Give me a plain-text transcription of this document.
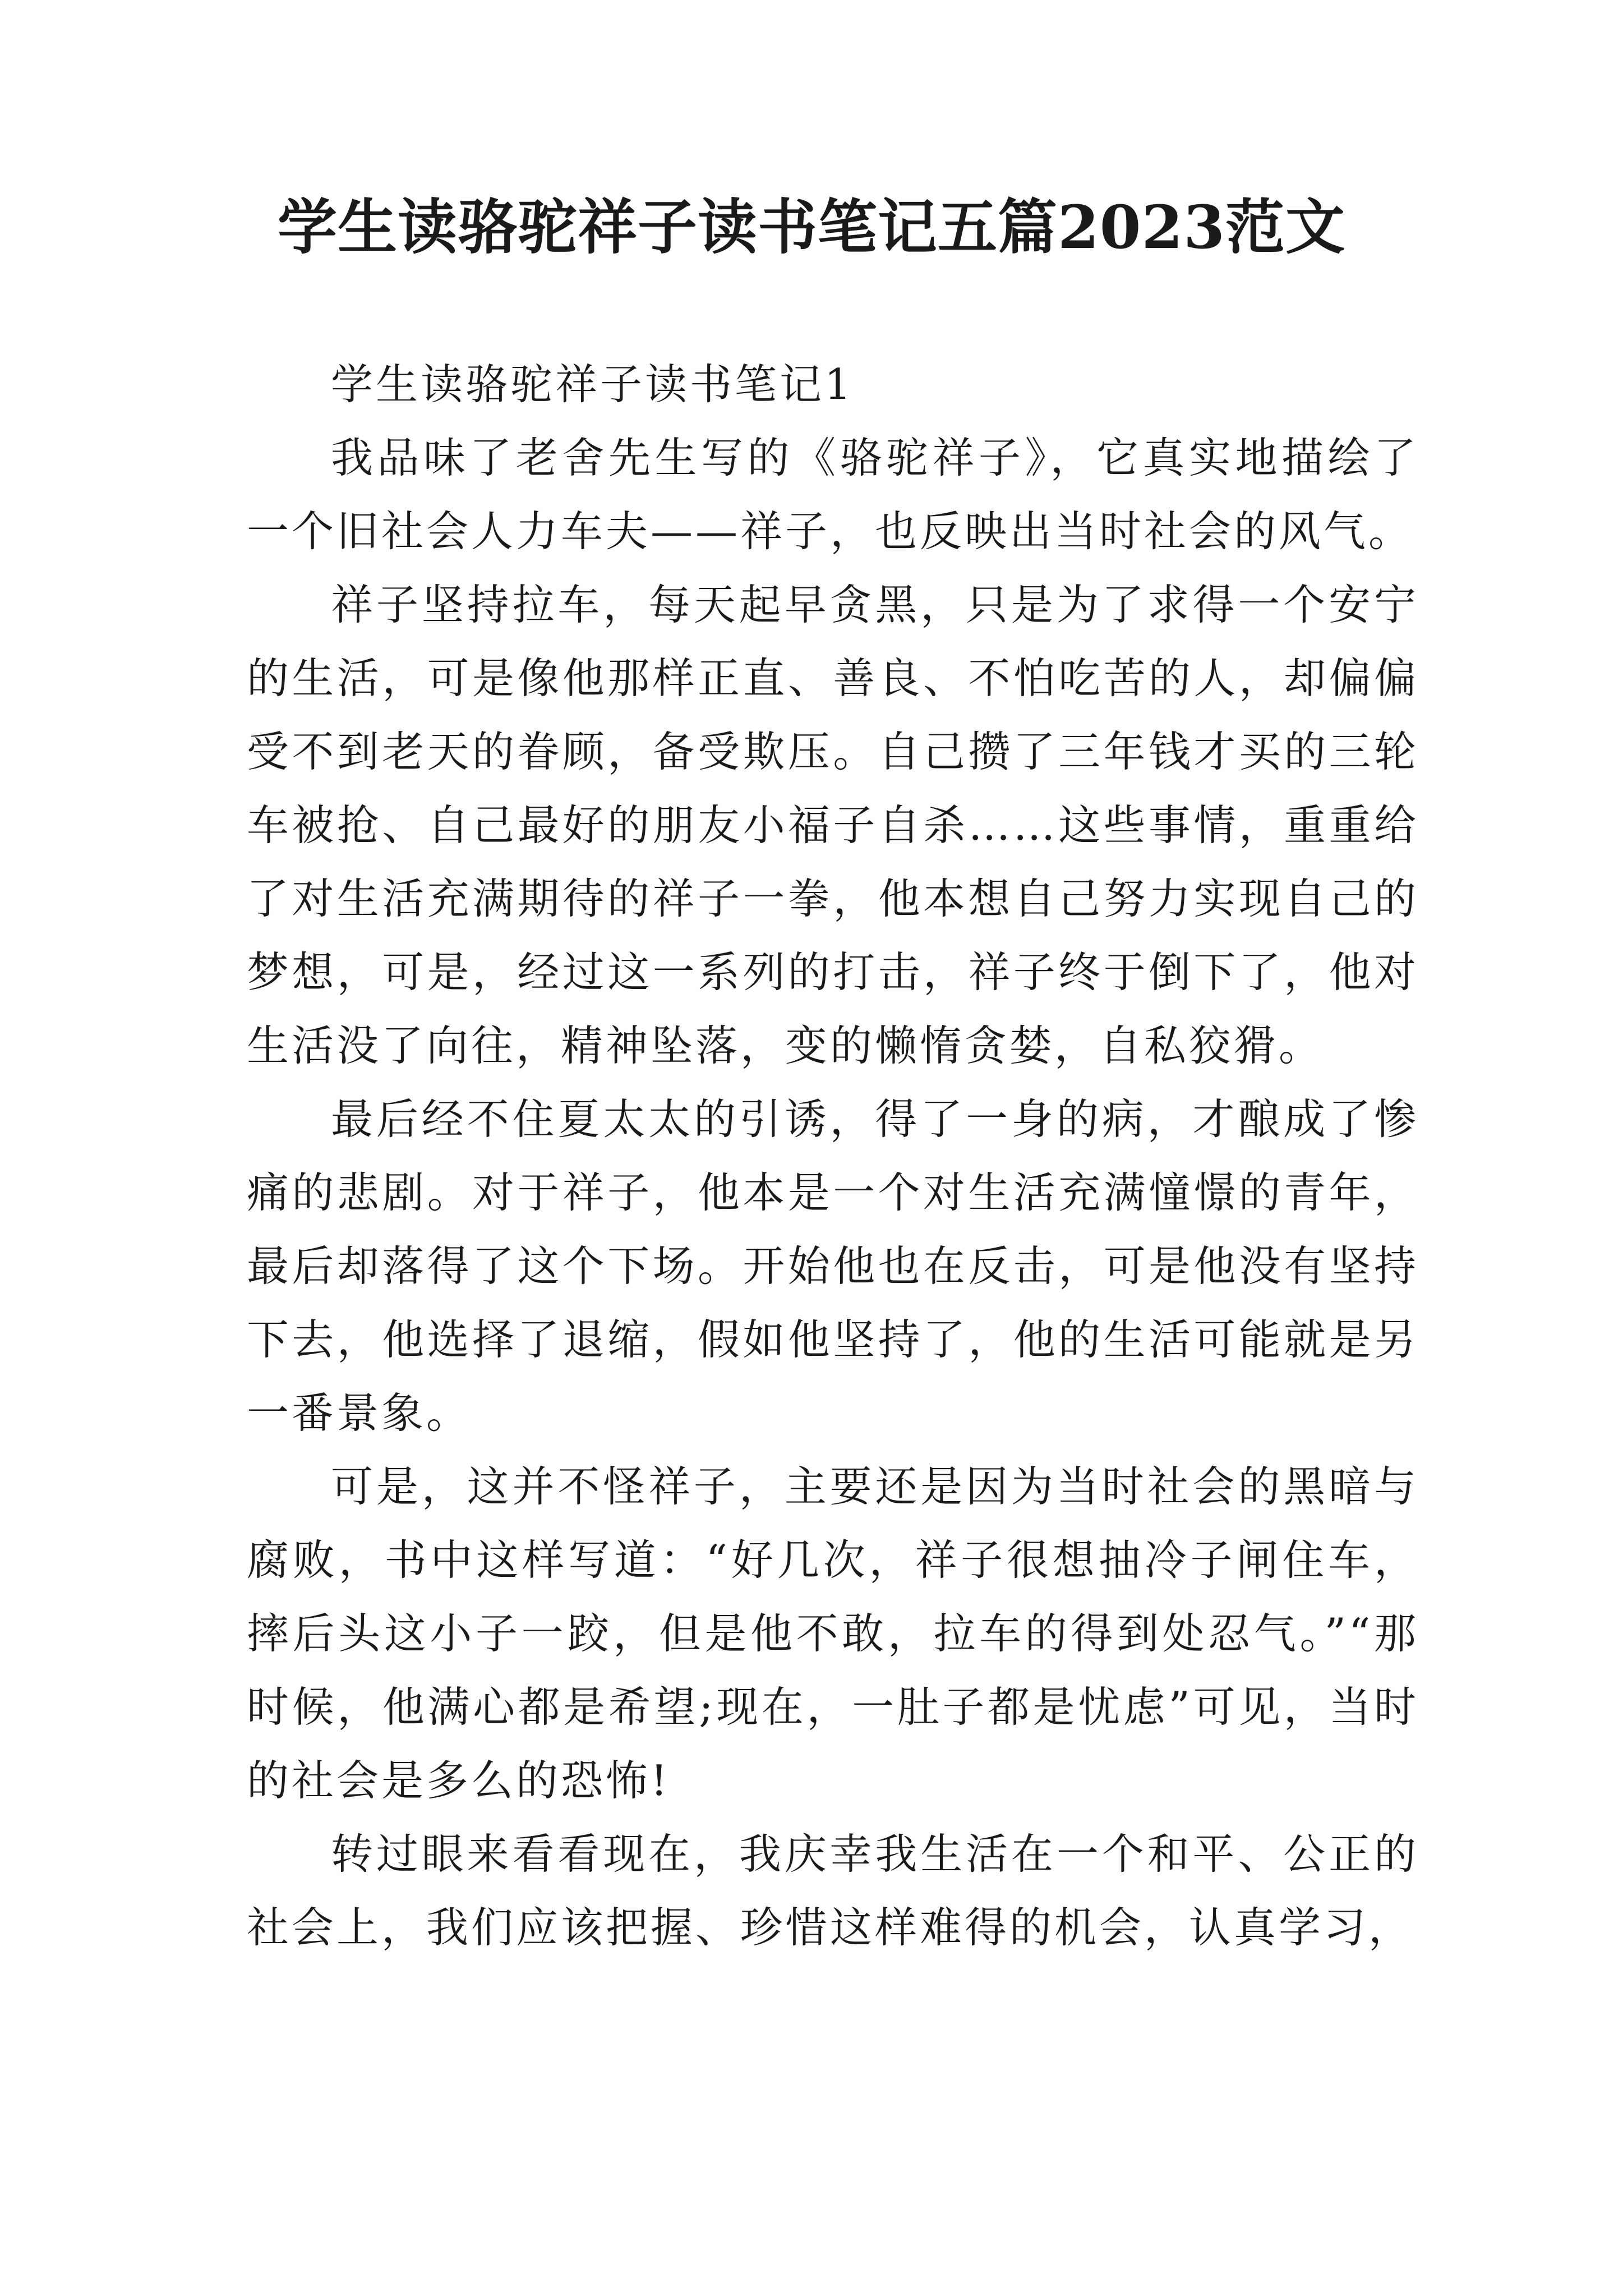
学生读骆驼祥子读书笔记五篇2023范文

学生读骆驼祥子读书笔记1

我品味了老舍先生写的《骆驼祥子》，它真实地描绘了一个旧社会人力车夫——祥子，也反映出当时社会的风气。

祥子坚持拉车，每天起早贪黑，只是为了求得一个安宁的生活，可是像他那样正直、善良、不怕吃苦的人，却偏偏受不到老天的眷顾，备受欺压。自己攒了三年钱才买的三轮车被抢、自己最好的朋友小福子自杀……这些事情，重重给了对生活充满期待的祥子一拳，他本想自己努力实现自己的梦想，可是，经过这一系列的打击，祥子终于倒下了，他对生活没了向往，精神坠落，变的懒惰贪婪，自私狡猾。

最后经不住夏太太的引诱，得了一身的病，才酿成了惨痛的悲剧。对于祥子，他本是一个对生活充满憧憬的青年，最后却落得了这个下场。开始他也在反击，可是他没有坚持下去，他选择了退缩，假如他坚持了，他的生活可能就是另一番景象。

可是，这并不怪祥子，主要还是因为当时社会的黑暗与腐败，书中这样写道：“好几次，祥子很想抽冷子闸住车，摔后头这小子一跤，但是他不敢，拉车的得到处忍气。”“那时候，他满心都是希望;现在，一肚子都是忧虑”可见，当时的社会是多么的恐怖!

转过眼来看看现在，我庆幸我生活在一个和平、公正的社会上，我们应该把握、珍惜这样难得的机会，认真学习，
